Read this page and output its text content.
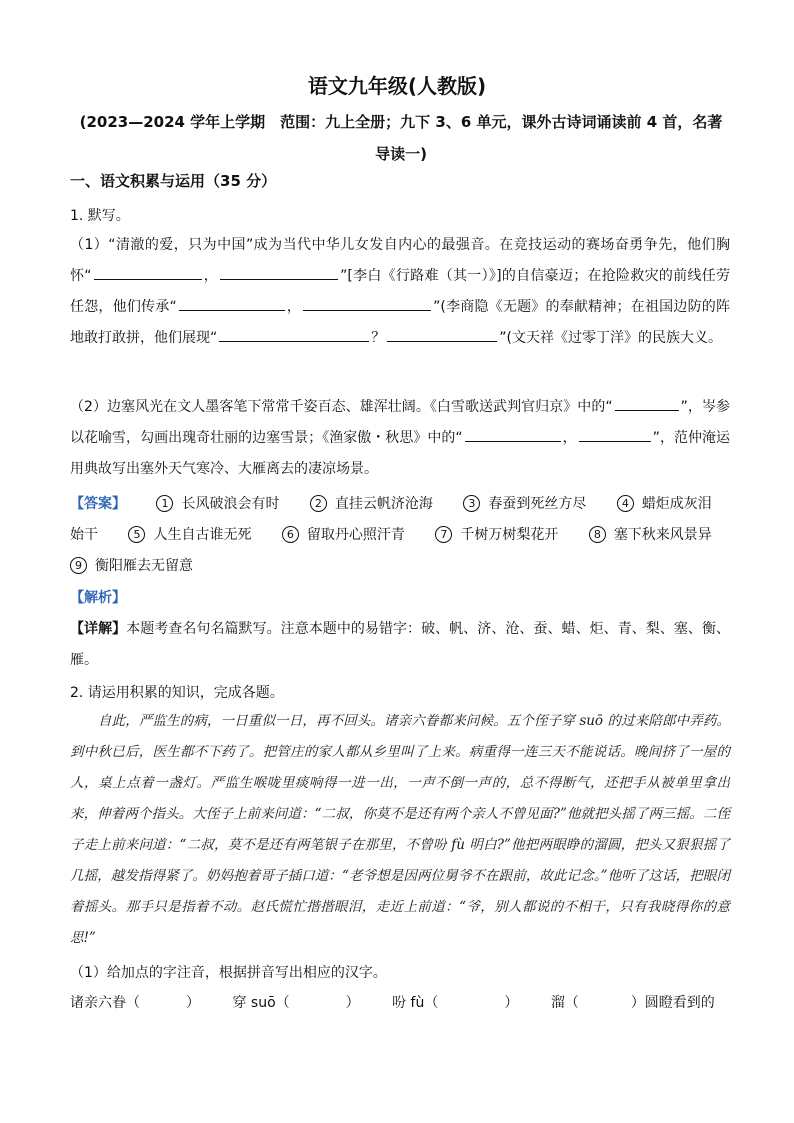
语文九年级(人教版)
(2023—2024 学年上学期　范围：九上全册；九下 3、6 单元，课外古诗词诵读前 4 首，名著
导读一)
一、语文积累与运用（35 分）
1. 默写。
（1）“清澈的爱，只为中国”成为当代中华儿女发自内心的最强音。在竞技运动的赛场奋勇争先，他们胸怀“	，	”[李白《行路难（其一）》]的自信豪迈；在抢险救灾的前线任劳任怨，他们传承“	，	”(李商隐《无题》的奉献精神；在祖国边防的阵地敢打敢拼，他们展现“	？	”(文天祥《过零丁洋》的民族大义。
（2）边塞风光在文人墨客笔下常常千姿百态、雄浑壮阔。《白雪歌送武判官归京》中的“	”，岑参以花喻雪，勾画出瑰奇壮丽的边塞雪景；《渔家傲・秋思》中的“	，	”，范仲淹运用典故写出塞外天气寒冷、大雁离去的凄凉场景。
【答案】	1 长风破浪会有时	2 直挂云帆济沧海	3 春蚕到死丝方尽	4 蜡炬成灰泪
始干	5 人生自古谁无死	6 留取丹心照汗青	7 千树万树梨花开	8 塞下秋来风景异
9 衡阳雁去无留意
【解析】
【详解】本题考查名句名篇默写。注意本题中的易错字：破、帆、济、沧、蚕、蜡、炬、青、梨、塞、衡、雁。
2. 请运用积累的知识，完成各题。
自此，严监生的病，一日重似一日，再不回头。诸亲六眷都来问候。五个侄子穿 suō 的过来陪郎中弄药。到中秋已后，医生都不下药了。把管庄的家人都从乡里叫了上来。病重得一连三天不能说话。晚间挤了一屋的人，桌上点着一盏灯。严监生喉咙里痰响得一进一出，一声不倒一声的，总不得断气，还把手从被单里拿出来，伸着两个指头。大侄子上前来问道：“二叔，你莫不是还有两个亲人不曾见面?”他就把头摇了两三摇。二侄子走上前来问道：“二叔，莫不是还有两笔银子在那里，不曾吩 fù 明白?”他把两眼睁的溜圆，把头又狠狠摇了几摇，越发指得紧了。奶妈抱着哥子插口道：“老爷想是因两位舅爷不在跟前，故此记念。”他听了这话，把眼闭着摇头。那手只是指着不动。赵氏慌忙揩揩眼泪，走近上前道：“爷，别人都说的不相干，只有我晓得你的意思!”
（1）给加点的字注音，根据拼音写出相应的汉字。
诸亲六眷（	） 穿 suō（	） 吩 fù（	） 溜（	）圆瞪看到的
